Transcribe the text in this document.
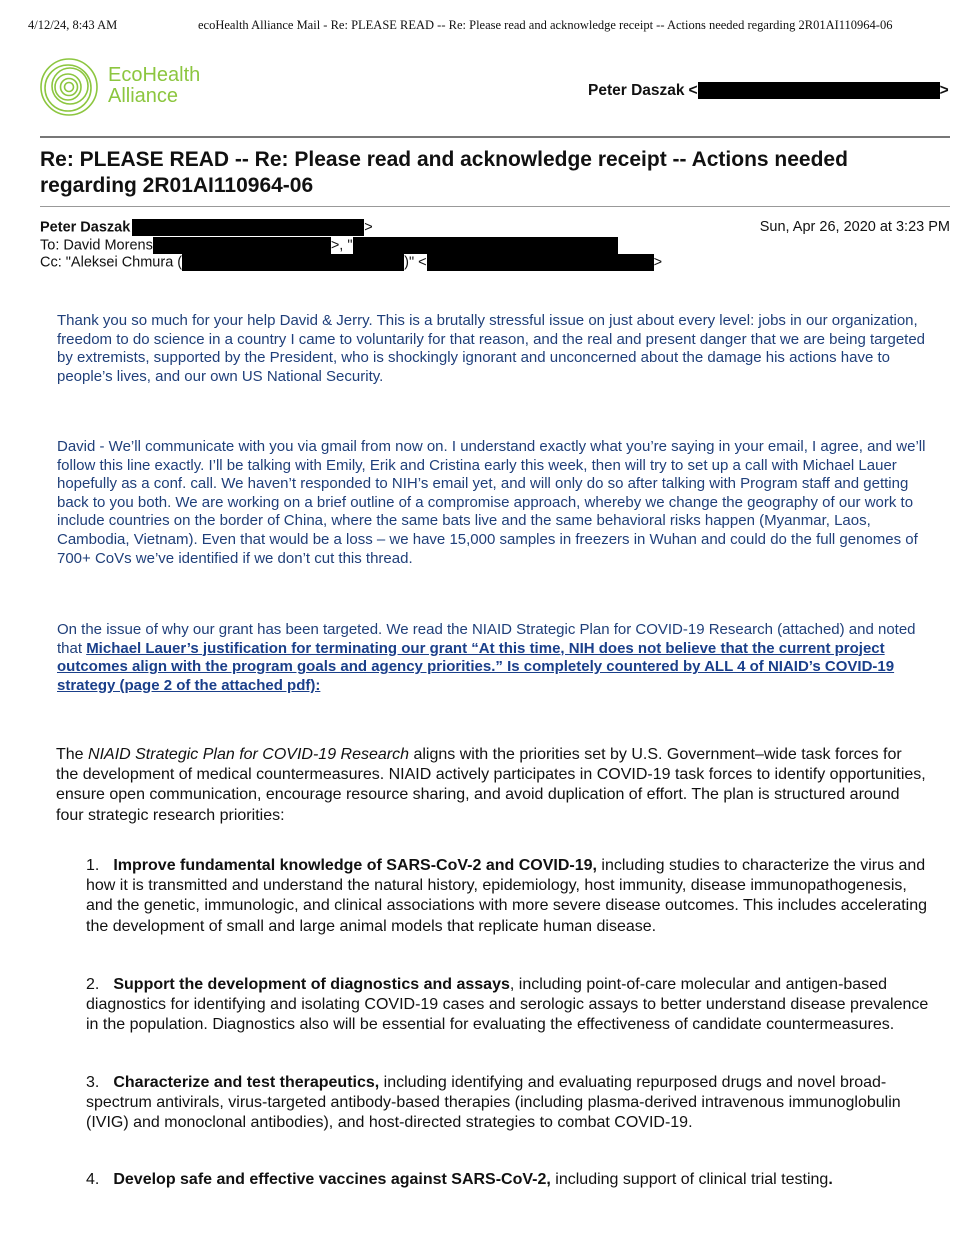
4/12/24, 8:43 AM	ecoHealth Alliance Mail - Re: PLEASE READ -- Re: Please read and acknowledge receipt -- Actions needed regarding 2R01AI110964-06
EcoHealth
Alliance	Peter Daszak <	>
Re: PLEASE READ -- Re: Please read and acknowledge receipt -- Actions needed regarding 2R01AI110964-06
Peter Daszak	>	Sun, Apr 26, 2020 at 3:23 PM
To: David Morens	>, "
Cc: "Aleksei Chmura (	)" <	>
Thank you so much for your help David & Jerry. This is a brutally stressful issue on just about every level: jobs in our organization, freedom to do science in a country I came to voluntarily for that reason, and the real and present danger that we are being targeted by extremists, supported by the President, who is shockingly ignorant and unconcerned about the damage his actions have to people’s lives, and our own US National Security.
David - We’ll communicate with you via gmail from now on. I understand exactly what you’re saying in your email, I agree, and we’ll follow this line exactly. I’ll be talking with Emily, Erik and Cristina early this week, then will try to set up a call with Michael Lauer hopefully as a conf. call. We haven’t responded to NIH’s email yet, and will only do so after talking with Program staff and getting back to you both. We are working on a brief outline of a compromise approach, whereby we change the geography of our work to include countries on the border of China, where the same bats live and the same behavioral risks happen (Myanmar, Laos, Cambodia, Vietnam). Even that would be a loss – we have 15,000 samples in freezers in Wuhan and could do the full genomes of 700+ CoVs we’ve identified if we don’t cut this thread.
On the issue of why our grant has been targeted. We read the NIAID Strategic Plan for COVID-19 Research (attached) and noted that Michael Lauer’s justification for terminating our grant “At this time, NIH does not believe that the current project outcomes align with the program goals and agency priorities.” Is completely countered by ALL 4 of NIAID’s COVID-19 strategy (page 2 of the attached pdf):
The NIAID Strategic Plan for COVID-19 Research aligns with the priorities set by U.S. Government–wide task forces for the development of medical countermeasures. NIAID actively participates in COVID-19 task forces to identify opportunities, ensure open communication, encourage resource sharing, and avoid duplication of effort. The plan is structured around four strategic research priorities:
1. Improve fundamental knowledge of SARS-CoV-2 and COVID-19, including studies to characterize the virus and how it is transmitted and understand the natural history, epidemiology, host immunity, disease immunopathogenesis, and the genetic, immunologic, and clinical associations with more severe disease outcomes. This includes accelerating the development of small and large animal models that replicate human disease.
2. Support the development of diagnostics and assays, including point-of-care molecular and antigen-based diagnostics for identifying and isolating COVID-19 cases and serologic assays to better understand disease prevalence in the population. Diagnostics also will be essential for evaluating the effectiveness of candidate countermeasures.
3. Characterize and test therapeutics, including identifying and evaluating repurposed drugs and novel broad-spectrum antivirals, virus-targeted antibody-based therapies (including plasma-derived intravenous immunoglobulin (IVIG) and monoclonal antibodies), and host-directed strategies to combat COVID-19.
4. Develop safe and effective vaccines against SARS-CoV-2, including support of clinical trial testing.
